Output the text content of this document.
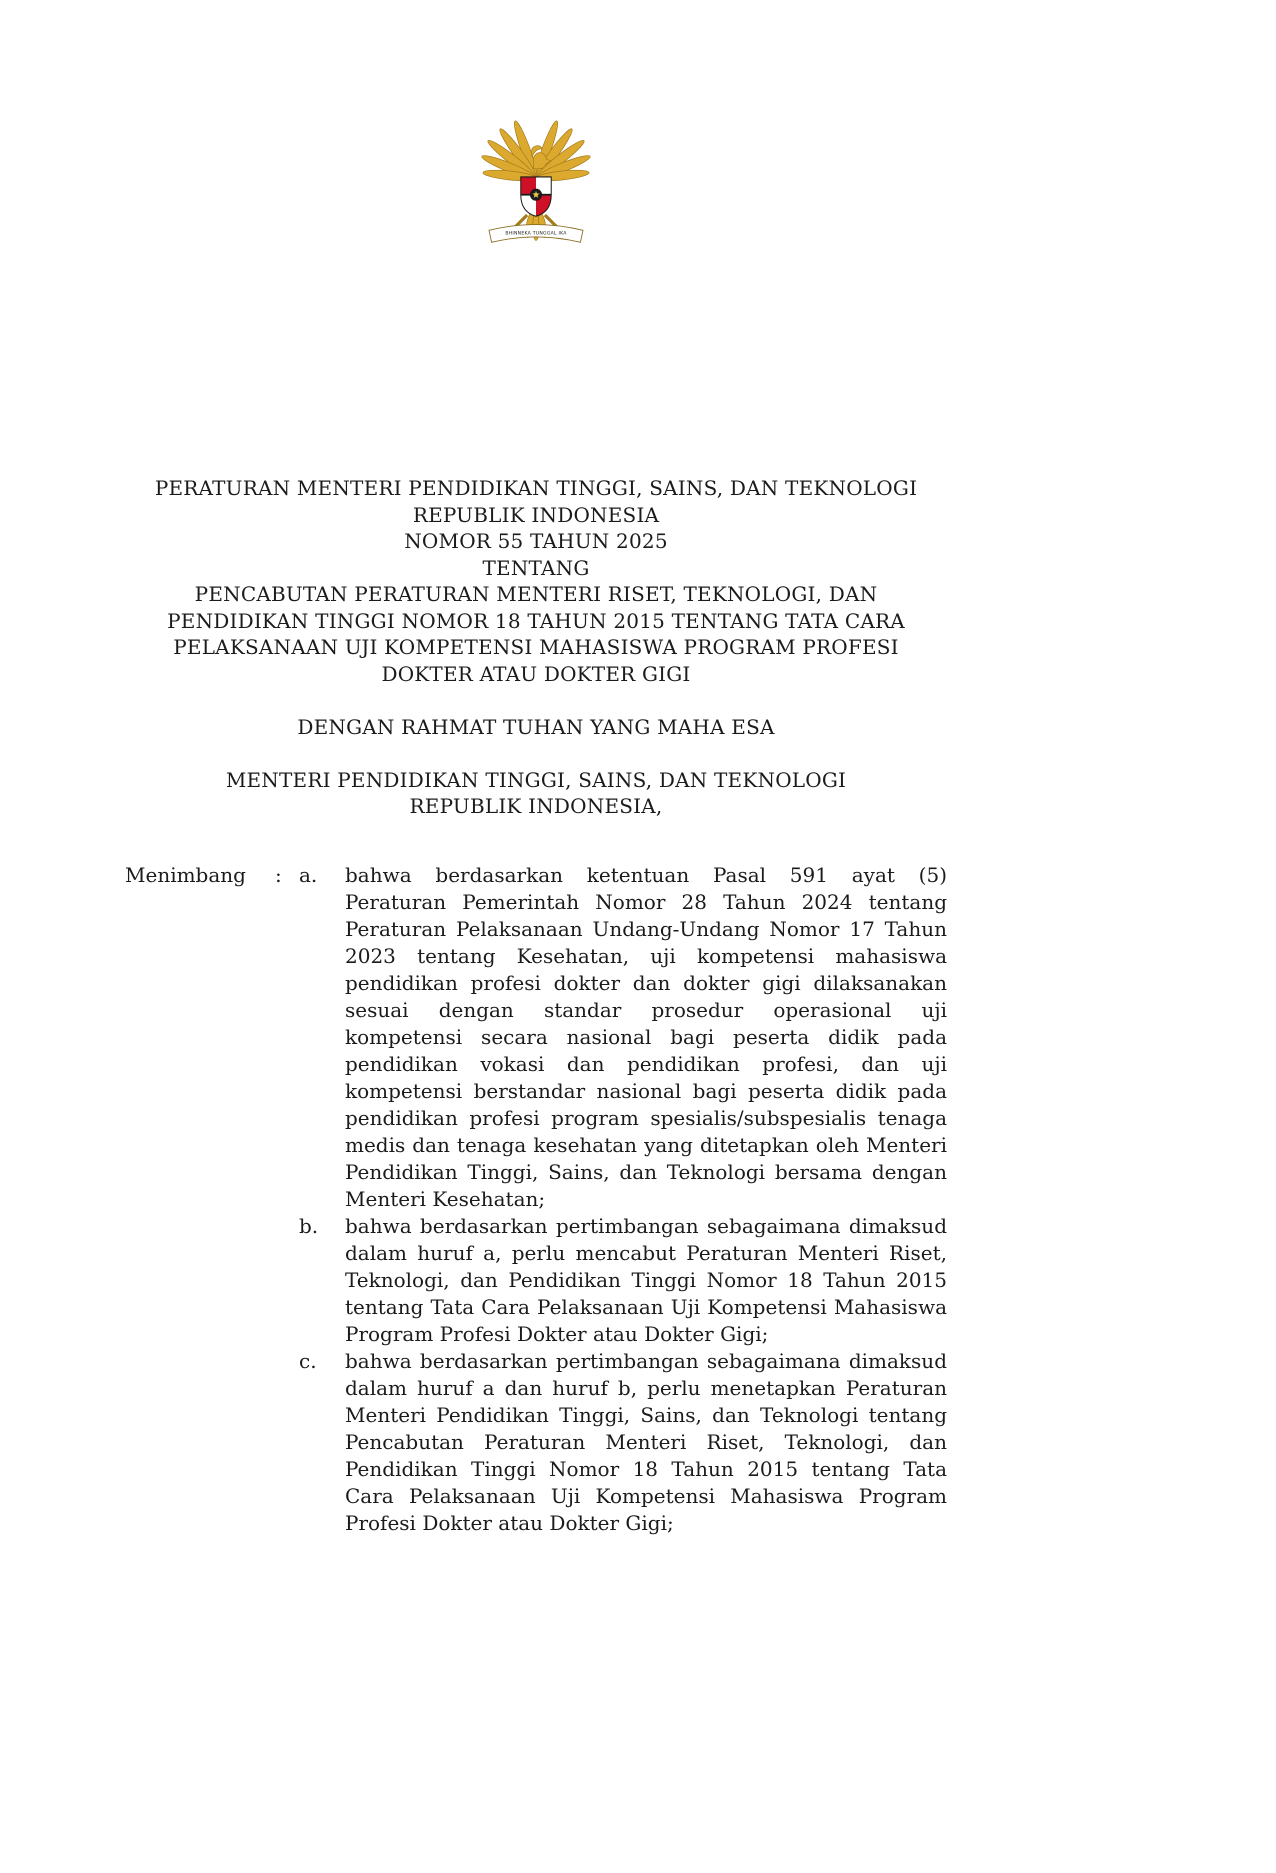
BHINNEKA TUNGGAL IKA
PERATURAN MENTERI PENDIDIKAN TINGGI, SAINS, DAN TEKNOLOGI
REPUBLIK INDONESIA
NOMOR 55 TAHUN 2025
TENTANG
PENCABUTAN PERATURAN MENTERI RISET, TEKNOLOGI, DAN PENDIDIKAN TINGGI NOMOR 18 TAHUN 2015 TENTANG TATA CARA PELAKSANAAN UJI KOMPETENSI MAHASISWA PROGRAM PROFESI DOKTER ATAU DOKTER GIGI
DENGAN RAHMAT TUHAN YANG MAHA ESA
MENTERI PENDIDIKAN TINGGI, SAINS, DAN TEKNOLOGI
REPUBLIK INDONESIA,
Menimbang	: a.	bahwa berdasarkan ketentuan Pasal 591 ayat (5) Peraturan Pemerintah Nomor 28 Tahun 2024 tentang Peraturan Pelaksanaan Undang-Undang Nomor 17 Tahun 2023 tentang Kesehatan, uji kompetensi mahasiswa pendidikan profesi dokter dan dokter gigi dilaksanakan sesuai dengan standar prosedur operasional uji kompetensi secara nasional bagi peserta didik pada pendidikan vokasi dan pendidikan profesi, dan uji kompetensi berstandar nasional bagi peserta didik pada pendidikan profesi program spesialis/subspesialis tenaga medis dan tenaga kesehatan yang ditetapkan oleh Menteri Pendidikan Tinggi, Sains, dan Teknologi bersama dengan Menteri Kesehatan;
b.	bahwa berdasarkan pertimbangan sebagaimana dimaksud dalam huruf a, perlu mencabut Peraturan Menteri Riset, Teknologi, dan Pendidikan Tinggi Nomor 18 Tahun 2015 tentang Tata Cara Pelaksanaan Uji Kompetensi Mahasiswa Program Profesi Dokter atau Dokter Gigi;
c.	bahwa berdasarkan pertimbangan sebagaimana dimaksud dalam huruf a dan huruf b, perlu menetapkan Peraturan Menteri Pendidikan Tinggi, Sains, dan Teknologi tentang Pencabutan Peraturan Menteri Riset, Teknologi, dan Pendidikan Tinggi Nomor 18 Tahun 2015 tentang Tata Cara Pelaksanaan Uji Kompetensi Mahasiswa Program Profesi Dokter atau Dokter Gigi;
